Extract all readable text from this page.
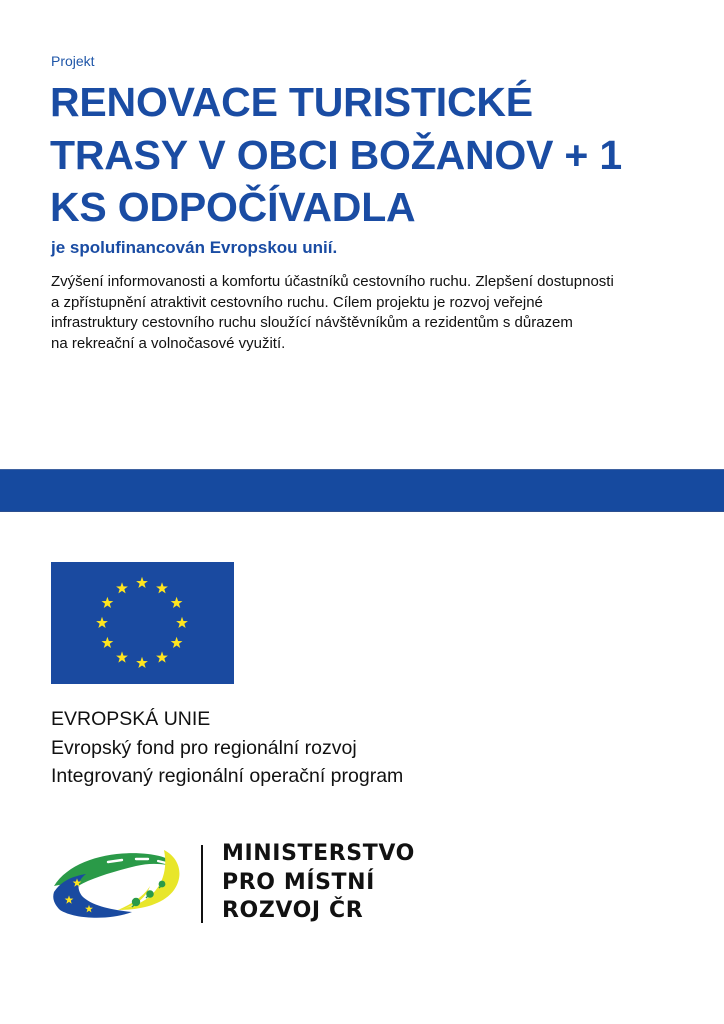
Projekt

RENOVACE TURISTICKÉ
TRASY V OBCI BOŽANOV + 1
KS ODPOČÍVADLA

je spolufinancován Evropskou unií.

Zvýšení informovanosti a komfortu účastníků cestovního ruchu. Zlepšení dostupnosti
a zpřístupnění atraktivit cestovního ruchu. Cílem projektu je rozvoj veřejné
infrastruktury cestovního ruchu sloužící návštěvníkům a rezidentům s důrazem
na rekreační a volnočasové využití.

EVROPSKÁ UNIE
Evropský fond pro regionální rozvoj
Integrovaný regionální operační program

MINISTERSTVO
PRO MÍSTNÍ
ROZVOJ ČR
